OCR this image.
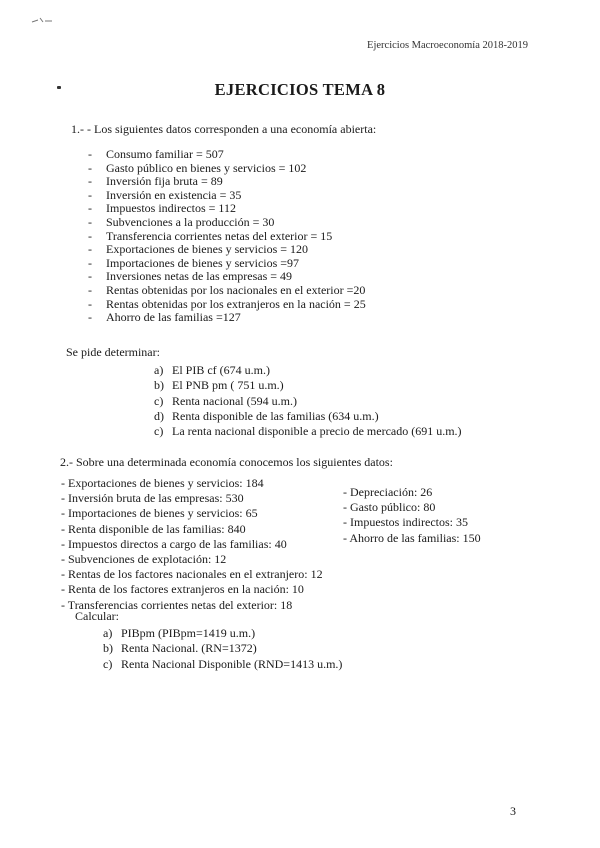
Ejercicios Macroeconomía 2018-2019
EJERCICIOS TEMA 8
1.- - Los siguientes datos corresponden a una economía abierta:
-	Consumo familiar = 507
-	Gasto público en bienes y servicios = 102
-	Inversión fija bruta = 89
-	Inversión en existencia = 35
-	Impuestos indirectos = 112
-	Subvenciones a la producción = 30
-	Transferencia corrientes netas del exterior = 15
-	Exportaciones de bienes y servicios = 120
-	Importaciones de bienes y servicios =97
-	Inversiones netas de las empresas = 49
-	Rentas obtenidas por los nacionales en el exterior =20
-	Rentas obtenidas por los extranjeros en la nación = 25
-	Ahorro de las familias =127
Se pide determinar:
a) El PIB cf (674 u.m.)
b) El PNB pm ( 751 u.m.)
c) Renta nacional (594 u.m.)
d) Renta disponible de las familias (634 u.m.)
c) La renta nacional disponible a precio de mercado (691 u.m.)
2.- Sobre una determinada economía conocemos los siguientes datos:
- Exportaciones de bienes y servicios: 184
- Inversión bruta de las empresas: 530
- Importaciones de bienes y servicios: 65
- Renta disponible de las familias: 840
- Impuestos directos a cargo de las familias: 40
- Subvenciones de explotación: 12
- Rentas de los factores nacionales en el extranjero: 12
- Renta de los factores extranjeros en la nación: 10
- Transferencias corrientes netas del exterior: 18
- Depreciación: 26
- Gasto público: 80
- Impuestos indirectos: 35
- Ahorro de las familias: 150
Calcular:
a) PIBpm (PIBpm=1419 u.m.)
b) Renta Nacional. (RN=1372)
c) Renta Nacional Disponible (RND=1413 u.m.)
3
